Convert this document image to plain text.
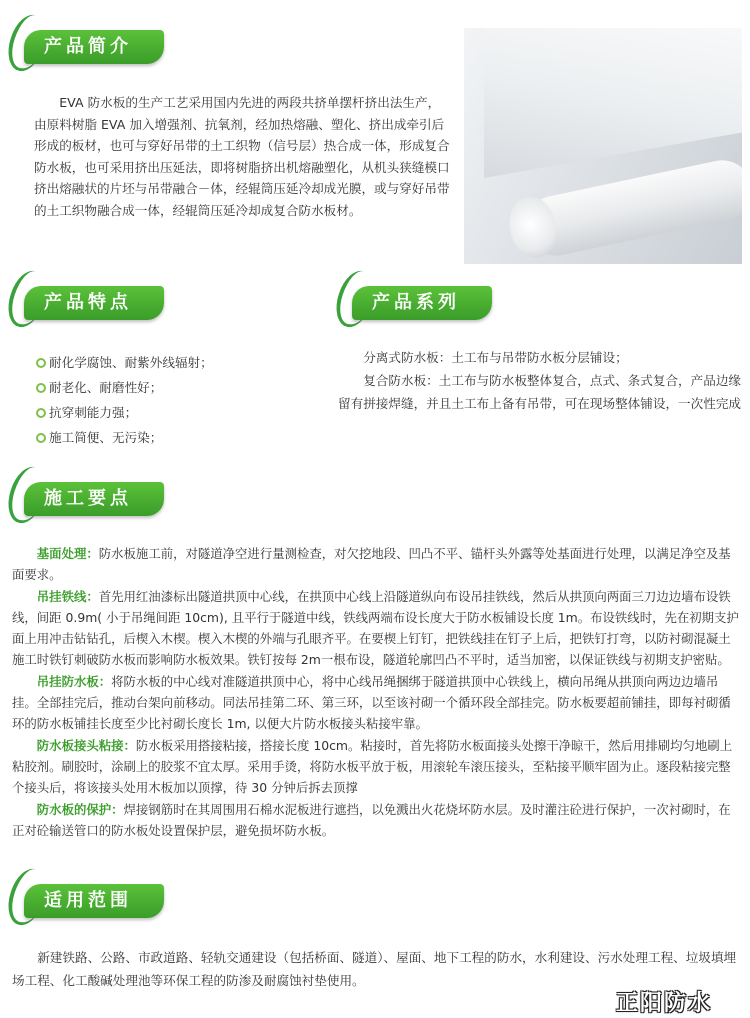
产品简介

EVA 防水板的生产工艺采用国内先进的两段共挤单摆杆挤出法生产，由原料树脂 EVA 加入增强剂、抗氧剂，经加热熔融、塑化、挤出成牵引后形成的板材，也可与穿好吊带的土工织物（信号层）热合成一体，形成复合防水板，也可采用挤出压延法，即将树脂挤出机熔融塑化，从机头狭缝模口挤出熔融状的片坯与吊带融合－体，经辊筒压延冷却成光膜，或与穿好吊带的土工织物融合成一体，经辊筒压延冷却成复合防水板材。

产品特点
耐化学腐蚀、耐紫外线辐射；
耐老化、耐磨性好；
抗穿刺能力强；
施工简便、无污染；
产品系列

分离式防水板：土工布与吊带防水板分层铺设；

复合防水板：土工布与防水板整体复合，点式、条式复合，产品边缘留有拼接焊缝，并且土工布上备有吊带，可在现场整体铺设，一次性完成

施工要点

基面处理：防水板施工前，对隧道净空进行量测检查，对欠挖地段、凹凸不平、锚杆头外露等处基面进行处理，以满足净空及基面要求。

吊挂铁线：首先用红油漆标出隧道拱顶中心线，在拱顶中心线上沿隧道纵向布设吊挂铁线，然后从拱顶向两面三刀边边墙布设铁线，间距 0.9m( 小于吊绳间距 10cm), 且平行于隧道中线，铁线两端布设长度大于防水板铺设长度 1m。布设铁线时，先在初期支护面上用冲击钻钻孔，后楔入木楔。楔入木楔的外端与孔眼齐平。在要楔上钉钉，把铁线挂在钉子上后，把铁钉打弯，以防衬砌混凝土施工时铁钉刺破防水板而影响防水板效果。铁钉按每 2m一根布设，隧道轮廓凹凸不平时，适当加密，以保证铁线与初期支护密贴。

吊挂防水板：将防水板的中心线对准隧道拱顶中心，将中心线吊绳捆绑于隧道拱顶中心铁线上，横向吊绳从拱顶向两边边墙吊挂。全部挂完后，推动台架向前移动。同法吊挂第二环、第三环，以至该衬砌一个循环段全部挂完。防水板要超前铺挂，即每衬砌循环的防水板铺挂长度至少比衬砌长度长 1m, 以便大片防水板接头粘接牢靠。

防水板接头粘接：防水板采用搭接粘接，搭接长度 10cm。粘接时，首先将防水板面接头处擦干净晾干，然后用排刷均匀地刷上粘胶剂。刷胶时，涂刷上的胶浆不宜太厚。采用手烫，将防水板平放于板，用滚轮车滚压接头，至粘接平顺牢固为止。逐段粘接完整个接头后，将该接头处用木板加以顶撑，待 30 分钟后拆去顶撑

防水板的保护：焊接钢筋时在其周围用石棉水泥板进行遮挡，以免溅出火花烧坏防水层。及时灌注砼进行保护，一次衬砌时，在正对砼输送管口的防水板处设置保护层，避免损坏防水板。

适用范围

新建铁路、公路、市政道路、轻轨交通建设（包括桥面、隧道）、屋面、地下工程的防水，水利建设、污水处理工程、垃圾填埋场工程、化工酸碱处理池等环保工程的防渗及耐腐蚀衬垫使用。

正阳防水
